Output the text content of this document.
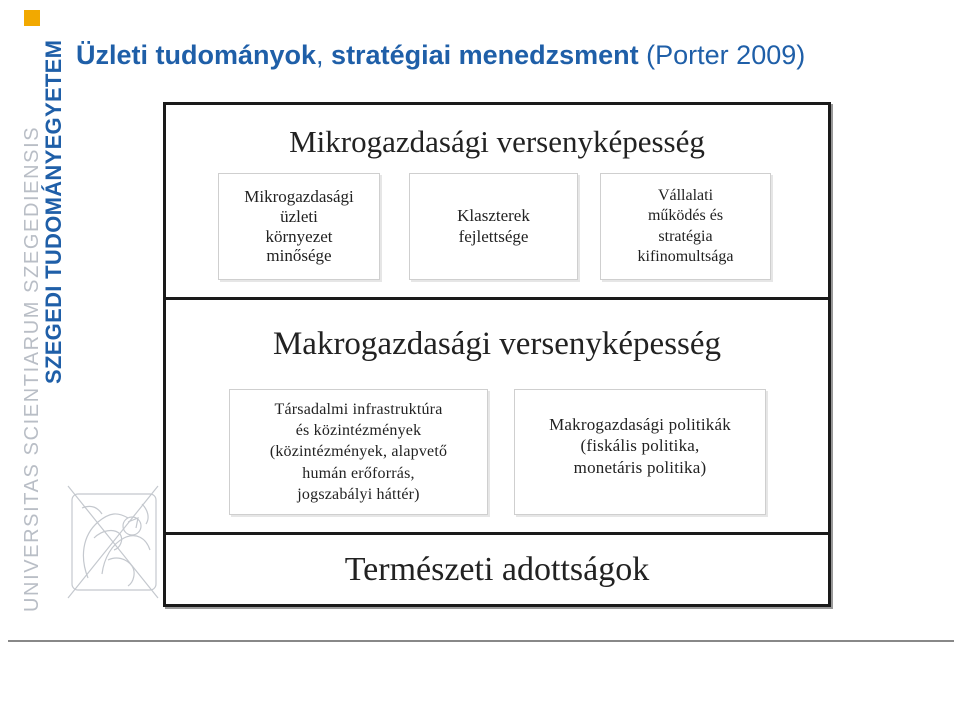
SZEGEDI TUDOMÁNYEGYETEM
UNIVERSITAS SCIENTIARUM SZEGEDIENSIS
Üzleti tudományok, stratégiai menedzsment (Porter 2009)
Mikrogazdasági versenyképesség
Mikrogazdasági
üzleti
környezet
minősége
Klaszterek
fejlettsége
Vállalati
működés és
stratégia
kifinomultsága
Makrogazdasági versenyképesség
Társadalmi infrastruktúra
és közintézmények
(közintézmények, alapvető
humán erőforrás,
jogszabályi háttér)
Makrogazdasági politikák
(fiskális politika,
monetáris politika)
Természeti adottságok
